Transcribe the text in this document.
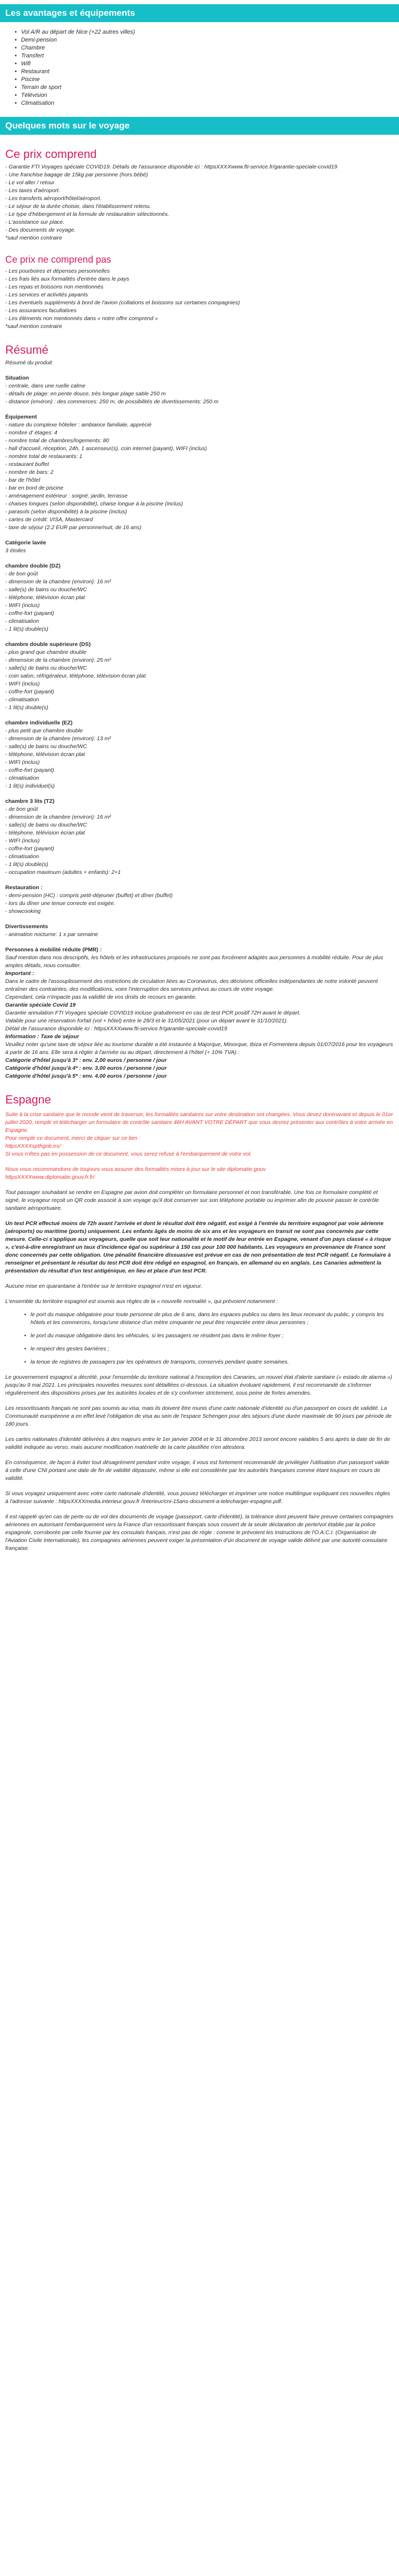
Les avantages et équipements
• Vol A/R au départ de Nice (+22 autres villes)
• Demi-pension
• Chambre
• Transfert
• Wifi
• Restaurant
• Piscine
• Terrain de sport
• Télévision
• Climatisation
Quelques mots sur le voyage
Ce prix comprend
- Garantie FTI Voyages spéciale COVID19. Détails de l'assurance disponible ici : httpsXXXXwww.fti-service.fr/garantie-speciale-covid19
- Une franchise bagage de 15kg par personne (hors bébé)
- Le vol aller / retour
- Les taxes d'aéroport.
- Les transferts aéroport/hôtel/aéroport.
- Le séjour de la durée choisie, dans l'établissement retenu.
- Le type d'hébergement et la formule de restauration sélectionnés.
- L'assistance sur place.
- Des documents de voyage.
*sauf mention contraire
Ce prix ne comprend pas
- Les pourboires et dépenses personnelles
- Les frais liés aux formalités d'entrée dans le pays
- Les repas et boissons non mentionnés
- Les services et activités payants
- Les éventuels suppléments à bord de l'avion (collations et boissons sur certaines compagnies)
- Les assurances facultatives
- Les éléments non mentionnés dans « notre offre comprend »
*sauf mention contraire
Résumé
Résumé du produit
Situation
- centrale, dans une ruelle calme
- détails de plage: en pente douce, très longue plage sable 250 m
- distance (environ) : des commerces: 250 m, de possibilités de divertissements: 250 m
Équipement
- nature du complexe hôtelier : ambiance familiale, apprécié
- nombre d' étages: 4
- nombre total de chambres/logements: 80
- hall d'accueil, réception, 24h, 1 ascenseur(s), coin internet (payant), WIFI (inclus)
- nombre total de restaurants: 1
- restaurant buffet
- nombre de bars: 2
- bar de l'hôtel
- bar en bord de piscine
- aménagement extérieur : soigné, jardin, terrasse
- chaises longues (selon disponibilité), chaise longue à la piscine (inclus)
- parasols (selon disponibilité) à la piscine (inclus)
- cartes de crédit: VISA, Mastercard
- taxe de séjour (2.2 EUR par personne/nuit, de 16 ans)
Catégorie lavée
3 étoiles
chambre double (DZ)
- de bon goût
- dimension de la chambre (environ): 16 m²
- salle(s) de bains ou douche/WC
- téléphone, télévision écran plat
- WIFI (inclus)
- coffre-fort (payant)
- climatisation
- 1 lit(s) double(s)
chambre double supérieure (DS)
- plus grand que chambre double
- dimension de la chambre (environ): 25 m²
- salle(s) de bains ou douche/WC
- coin salon, réfrigérateur, téléphone, télévision écran plat
- WIFI (inclus)
- coffre-fort (payant)
- climatisation
- 1 lit(s) double(s)
chambre individuelle (EZ)
- plus petit que chambre double
- dimension de la chambre (environ): 13 m²
- salle(s) de bains ou douche/WC
- téléphone, télévision écran plat
- WIFI (inclus)
- coffre-fort (payant)
- climatisation
- 1 lit(s) individuel(s)
chambre 3 lits (TZ)
- de bon goût
- dimension de la chambre (environ): 16 m²
- salle(s) de bains ou douche/WC
- téléphone, télévision écran plat
- WIFI (inclus)
- coffre-fort (payant)
- climatisation
- 1 lit(s) double(s)
- occupation maximum (adultes + enfants): 2+1
Restauration :
- demi-pension (HC) : compris petit-déjeuner (buffet) et dîner (buffet)
- lors du dîner une tenue correcte est exigée.
- showcooking
Divertissements
- animation nocturne: 1 x par semaine
Personnes à mobilité réduite (PMR) :
Sauf mention dans nos descriptifs, les hôtels et les infrastructures proposés ne sont pas forcément adaptés aux personnes à mobilité réduite. Pour de plus amples détails, nous consulter.
Important :
Dans le cadre de l'assouplissement des restrictions de circulation liées au Coronavirus, des décisions officielles indépendantes de notre volonté peuvent entraîner des contraintes, des modifications, voire l'interruption des services prévus au cours de votre voyage.
Cependant, cela n'impacte pas la validité de vos droits de recours en garantie.
Garantie spéciale Covid 19
Garantie annulation FTI Voyages spéciale COVID19 incluse gratuitement en cas de test PCR positif 72H avant le départ.
Valable pour une réservation forfait (vol + hôtel) entre le 29/3 et le 31/05/2021 (pour un départ avant le 31/10/2021).
Détail de l'assurance disponible ici : httpsXXXXwww.fti-service.fr/garantie-speciale-covid19
Information : Taxe de séjour
Veuillez noter qu'une taxe de séjour liée au tourisme durable a été instaurée à Majorque, Minorque, Ibiza et Formentera depuis 01/07/2016 pour les voyageurs à partir de 16 ans. Elle sera à régler à l'arrivée ou au départ, directement à l'hôtel (+ 10% TVA) :
Catégorie d'hôtel jusqu'à 3* : env. 2,00 euros / personne / jour
Catégorie d'hôtel jusqu'à 4* : env. 3,00 euros / personne / jour
Catégorie d'hôtel jusqu'à 5* : env. 4,00 euros / personne / jour
Espagne
Suite à la crise sanitaire que le monde vient de traverser, les formalités sanitaires sur votre destination ont changées. Vous devez dorénavant et depuis le 01er juillet 2020, remplir et télécharger un formulaire de contrôle sanitaire 48H AVANT VOTRE DÉPART que vous devrez présenter aux contrôles à votre arrivée en Espagne.
Pour remplir ce document, merci de cliquer sur ce lien :
httpsXXXXspthgob.es/
Si vous n'êtes pas en possession de ce document, vous serez refusé à l'embarquement de votre vol.
Nous vous recommandons de toujours vous assurer des formalités mises à jour sur le site diplomatie.gouv
httpsXXXXwww.diplomatie.gouv.fr.fr/

Tout passager souhaitant se rendre en Espagne par avion doit compléter un formulaire personnel et non transférable. Une fois ce formulaire complété et signé, le voyageur reçoit un QR code associé à son voyage qu'il doit conserver sur son téléphone portable ou imprimer afin de pouvoir passer le contrôle sanitaire aéroportuaire.

Un test PCR effectué moins de 72h avant l'arrivée et dont le résultat doit être négatif, est exigé à l'entrée du territoire espagnol par voie aérienne (aéroports) ou maritime (ports) uniquement. Les enfants âgés de moins de six ans et les voyageurs en transit ne sont pas concernés par cette mesure. Celle-ci s'applique aux voyageurs, quelle que soit leur nationalité et le motif de leur entrée en Espagne, venant d'un pays classé « à risque », c'est-à-dire enregistrant un taux d'incidence égal ou supérieur à 150 cas pour 100 000 habitants. Les voyageurs en provenance de France sont donc concernés par cette obligation. Une pénalité financière dissuasive est prévue en cas de non présentation de test PCR négatif. Le formulaire à renseigner et présentant le résultat du test PCR doit être rédigé en espagnol, en français, en allemand ou en anglais. Les Canaries admettent la présentation du résultat d'un test antigénique, en lieu et place d'un test PCR.

Aucune mise en quarantaine à l'entrée sur le territoire espagnol n'est en vigueur.

L'ensemble du territoire espagnol est soumis aux règles de la « nouvelle normalité », qui prévoient notamment :

• le port du masque obligatoire pour toute personne de plus de 6 ans, dans les espaces publics ou dans les lieux recevant du public, y compris les hôtels et les commerces, lorsqu'une distance d'un mètre cinquante ne peut être respectée entre deux personnes ;
• le port du masque obligatoire dans les véhicules, si les passagers ne résident pas dans le même foyer ;
• le respect des gestes barrières ;
• la tenue de registres de passagers par les opérateurs de transports, conservés pendant quatre semaines.

Le gouvernement espagnol a décrété, pour l'ensemble du territoire national à l'exception des Canaries, un nouvel état d'alerte sanitaire (« estado de alarma ») jusqu'au 9 mai 2021. Les principales nouvelles mesures sont détaillées ci-dessous. La situation évoluant rapidement, il est recommandé de s'informer régulièrement des dispositions prises par les autorités locales et de s'y conformer strictement, sous peine de fortes amendes.

Les ressortissants français ne sont pas soumis au visa, mais ils doivent être munis d'une carte nationale d'identité ou d'un passeport en cours de validité. La Communauté européenne a en effet levé l'obligation de visa au sein de l'espace Schengen pour des séjours d'une durée maximale de 90 jours par période de 180 jours.

Les cartes nationales d'identité délivrées à des majeurs entre le 1er janvier 2004 et le 31 décembre 2013 seront encore valables 5 ans après la date de fin de validité indiquée au verso, mais aucune modification matérielle de la carte plastifiée n'en attestera.

En conséquence, de façon à éviter tout désagrément pendant votre voyage, il vous est fortement recommandé de privilégier l'utilisation d'un passeport valide à celle d'une CNI portant une date de fin de validité dépassée, même si elle est considérée par les autorités françaises comme étant toujours en cours de validité.

Si vous voyagez uniquement avec votre carte nationale d'identité, vous pouvez télécharger et imprimer une notice multilingue expliquant ces nouvelles règles à l'adresse suivante : httpsXXXXmedia.interieur.gouv.fr /interieur/cni-15ans-document-a-telecharger-espagne.pdf.

Il est rappelé qu'en cas de perte ou de vol des documents de voyage (passeport, carte d'identité), la tolérance dont peuvent faire preuve certaines compagnies aériennes en autorisant l'embarquement vers la France d'un ressortissant français sous couvert de la seule déclaration de perte/vol établie par la police espagnole, corroborée par celle fournie par les consulats français, n'est pas de règle : comme le prévoient les instructions de l'O.A.C.I. (Organisation de l'Aviation Civile Internationale), les compagnies aériennes peuvent exiger la présentation d'un document de voyage valide délivré par une autorité consulaire française.
